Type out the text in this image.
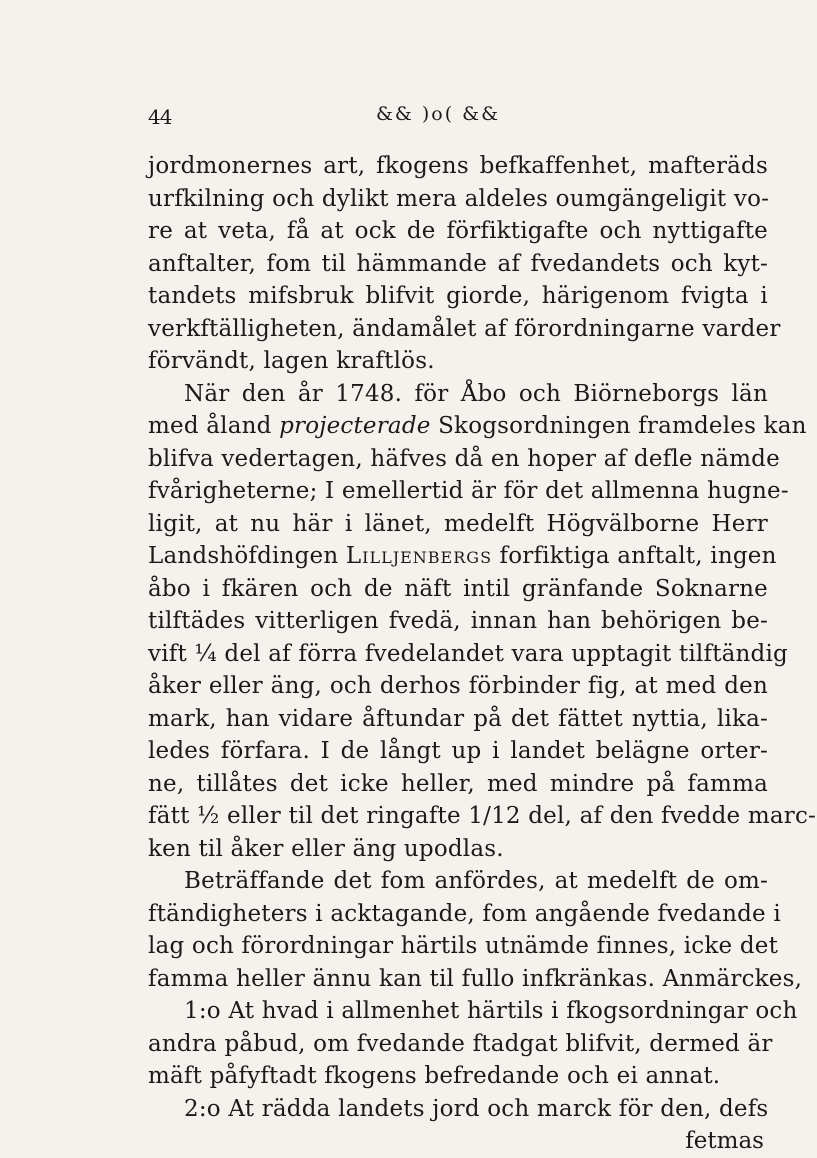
44	&& )o( &&
jordmonernes art, fkogens befkaffenhet, mafteräds
urfkilning och dylikt mera aldeles oumgängeligit vo-
re at veta, få at ock de förfiktigafte och nyttigafte
anftalter, fom til hämmande af fvedandets och kyt-
tandets mifsbruk blifvit giorde, härigenom fvigta i
verkftälligheten, ändamålet af förordningarne varder
förvändt, lagen kraftlös.
När den år 1748. för Åbo och Biörneborgs län
med åland projecterade Skogsordningen framdeles kan
blifva vedertagen, häfves då en hoper af defle nämde
fvårigheterne; I emellertid är för det allmenna hugne-
ligit, at nu här i länet, medelft Högvälborne Herr
Landshöfdingen Lilljenbergs forfiktiga anftalt, ingen
åbo i fkären och de näft intil gränfande Soknarne
tilftädes vitterligen fvedä, innan han behörigen be-
vift ¼ del af förra fvedelandet vara upptagit tilftändig
åker eller äng, och derhos förbinder fig, at med den
mark, han vidare åftundar på det fättet nyttia, lika-
ledes förfara. I de långt up i landet belägne orter-
ne, tillåtes det icke heller, med mindre på famma
fätt ½ eller til det ringafte 1/12 del, af den fvedde marc-
ken til åker eller äng upodlas.
Beträffande det fom anfördes, at medelft de om-
ftändigheters i acktagande, fom angående fvedande i
lag och förordningar härtils utnämde finnes, icke det
famma heller ännu kan til fullo infkränkas. Anmärckes,
1:o At hvad i allmenhet härtils i fkogsordningar och
andra påbud, om fvedande ftadgat blifvit, dermed är
mäft påfyftadt fkogens befredande och ei annat.
2:o At rädda landets jord och marck för den, defs
fetmas
